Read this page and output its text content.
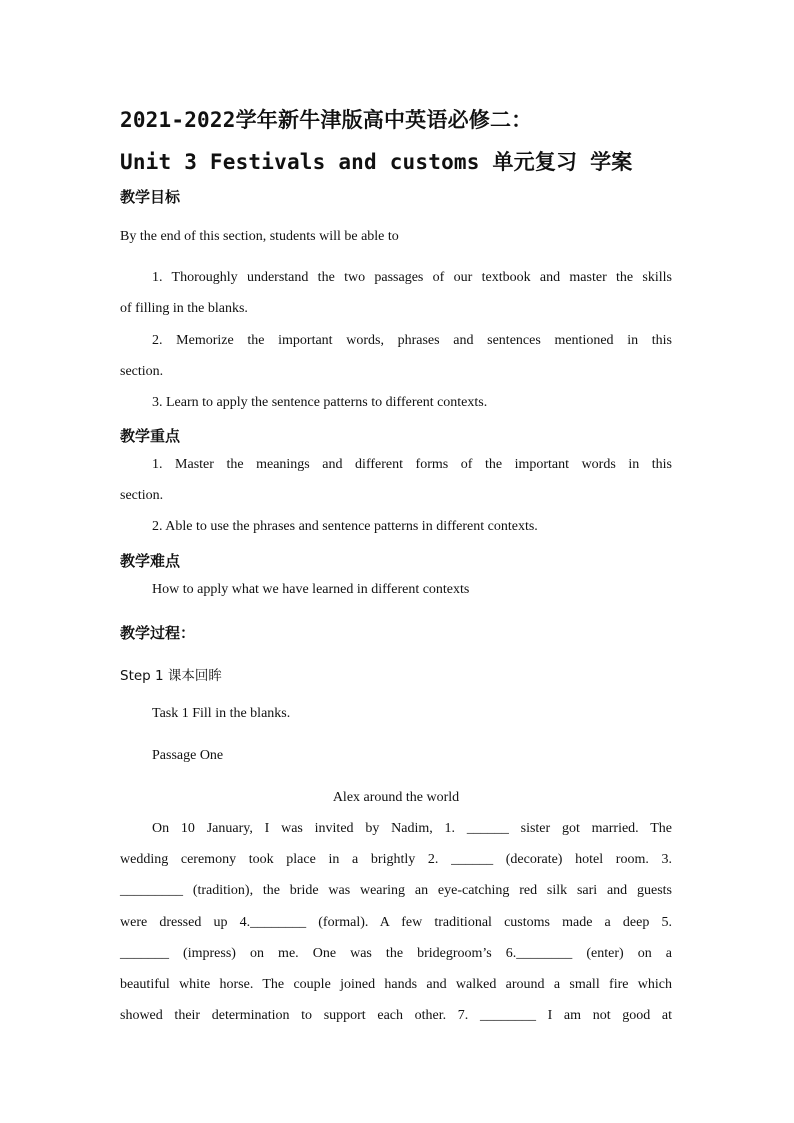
2021-2022学年新牛津版高中英语必修二：
Unit 3 Festivals and customs 单元复习 学案
教学目标
By the end of this section, students will be able to
1. Thoroughly understand the two passages of our textbook and master the skills
of filling in the blanks.
2. Memorize the important words, phrases and sentences mentioned in this
section.
3. Learn to apply the sentence patterns to different contexts.
教学重点
1. Master the meanings and different forms of the important words in this
section.
2. Able to use the phrases and sentence patterns in different contexts.
教学难点
How to apply what we have learned in different contexts
教学过程：
Step 1 课本回眸
Task 1 Fill in the blanks.
Passage One
Alex around the world
On 10 January, I was invited by Nadim, 1. ______ sister got married. The
wedding ceremony took place in a brightly 2. ______ (decorate) hotel room. 3.
_________ (tradition), the bride was wearing an eye-catching red silk sari and guests
were dressed up 4.________ (formal). A few traditional customs made a deep 5.
_______ (impress) on me. One was the bridegroom’s 6.________ (enter) on a
beautiful white horse. The couple joined hands and walked around a small fire which
showed their determination to support each other. 7. ________ I am not good at
